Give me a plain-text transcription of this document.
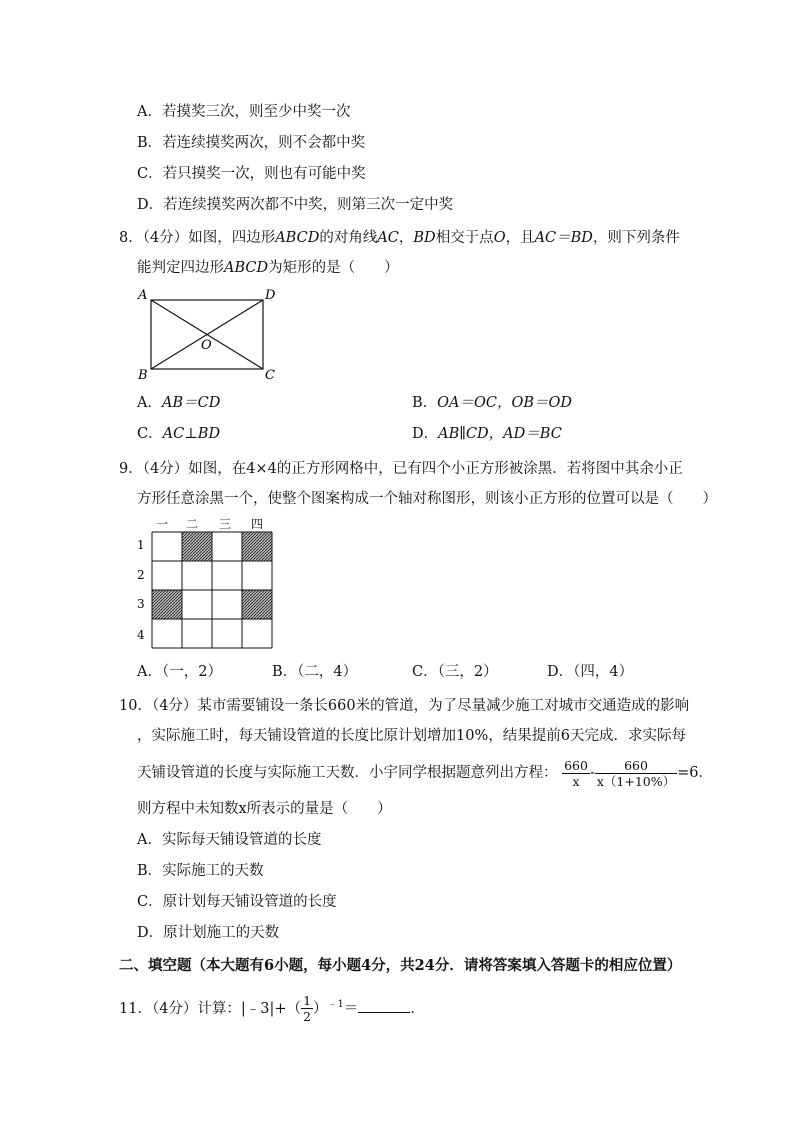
A．若摸奖三次，则至少中奖一次
B．若连续摸奖两次，则不会都中奖
C．若只摸奖一次，则也有可能中奖
D．若连续摸奖两次都不中奖，则第三次一定中奖
8．（4分）如图，四边形ABCD的对角线AC，BD相交于点O，且AC＝BD，则下列条件
能判定四边形ABCD为矩形的是（　　）
A	D
B	C
O
A．AB＝CD	B．OA＝OC，OB＝OD
C．AC⊥BD	D．AB∥CD，AD＝BC
9．（4分）如图，在4×4的正方形网格中，已有四个小正方形被涂黑．若将图中其余小正
方形任意涂黑一个，使整个图案构成一个轴对称图形，则该小正方形的位置可以是（　　）
一 二 三 四
1
2
3
4
A．（一，2）	B．（二，4）	C．（三，2）	D．（四，4）
10．（4分）某市需要铺设一条长660米的管道，为了尽量减少施工对城市交通造成的影响
，实际施工时，每天铺设管道的长度比原计划增加10%，结果提前6天完成．求实际每
天铺设管道的长度与实际施工天数．小宇同学根据题意列出方程： $\frac{660}{x} - \frac{660}{x(1+10\%)} =6$．
则方程中未知数x所表示的量是（　　）
A．实际每天铺设管道的长度
B．实际施工的天数
C．原计划每天铺设管道的长度
D．原计划施工的天数
二、填空题（本大题有6小题，每小题4分，共24分．请将答案填入答题卡的相应位置）
11．（4分）计算：|﹣3|+（ $\frac{1}{2} )^{﹣1}=$	．
